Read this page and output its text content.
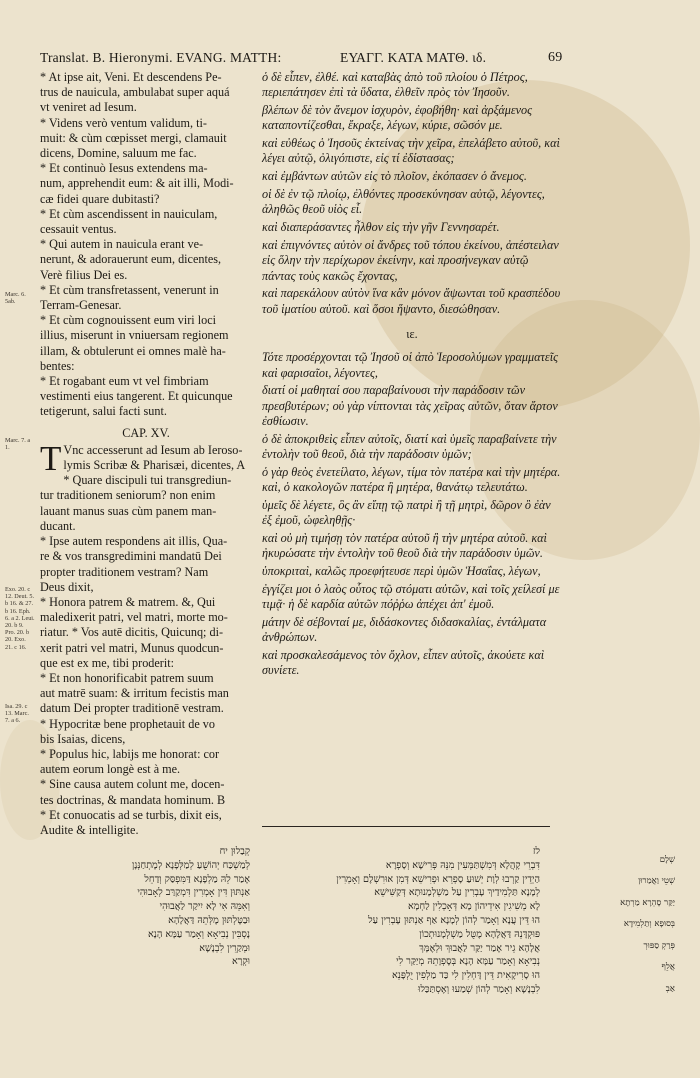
Translat. B. Hieronymi. EVANG. MATTH:	ΕΥΑΓΓ. ΚΑΤΑ ΜΑΤΘ. ιδ.	69

* At ipse ait, Veni. Et descendens Pe-

trus de nauicula, ambulabat super aquá

vt veniret ad Iesum.

* Videns verò ventum validum, ti-

muit: & cùm cœpisset mergi, clamauit

dicens, Domine, saluum me fac.

* Et continuò Iesus extendens ma-

num, apprehendit eum: & ait illi, Modi-

cæ fidei quare dubitasti?

* Et cùm ascendissent in nauiculam,

cessauit ventus.

* Qui autem in nauicula erant ve-

nerunt, & adorauerunt eum, dicentes,

Verè filius Dei es.

* Et cùm transfretassent, venerunt in

Terram-Genesar.

* Et cùm cognouissent eum viri loci

illius, miserunt in vniuersam regionem

illam, & obtulerunt ei omnes malè ha-

bentes:

* Et rogabant eum vt vel fimbriam

vestimenti eius tangerent. Et quicunque

tetigerunt, salui facti sunt.

CAP. XV.

T Vnc accesserunt ad Iesum ab Ieroso-

lymis Scribæ & Pharisæi, dicentes, A

* Quare discipuli tui transgrediun-

tur traditionem seniorum? non enim

lauant manus suas cùm panem man-

ducant.

* Ipse autem respondens ait illis, Qua-

re & vos transgredimini mandatū Dei

propter traditionem vestram? Nam

Deus dixit,

* Honora patrem & matrem. &, Qui

maledixerit patri, vel matri, morte mo-

riatur. * Vos autē dicitis, Quicunq; di-

xerit patri vel matri, Munus quodcun-

que est ex me, tibi proderit:

* Et non honorificabit patrem suum

aut matrē suam: & irritum fecistis man

datum Dei propter traditionē vestram.

* Hypocritæ bene prophetauit de vo

bis Isaias, dicens,

* Populus hic, labijs me honorat: cor

autem eorum longè est à me.

* Sine causa autem colunt me, docen-

tes doctrinas, & mandata hominum. B

* Et conuocatis ad se turbis, dixit eis,

Audite & intelligite.

Marc. 6. 5ab.
Marc. 7. a 1.
Exo. 20. c 12. Deut. 5. b 16. & 27. b 16. Eph. 6. a 2. Leui. 20. b 9. Pro. 20. b 20. Exo. 21. c 16.
Isa. 29. c 13. Marc. 7. a 6.

ὁ δὲ εἶπεν, ἐλθέ. καὶ καταβὰς ἀπὸ τοῦ πλοίου ὁ Πέτρος, περιεπάτησεν ἐπὶ τὰ ὕδατα, ἐλθεῖν πρὸς τὸν Ἰησοῦν.

βλέπων δὲ τὸν ἄνεμον ἰσχυρὸν, ἐφοβήθη· καὶ ἀρξάμενος καταποντίζεσθαι, ἔκραξε, λέγων, κύριε, σῶσόν με.

καὶ εὐθέως ὁ Ἰησοῦς ἐκτείνας τὴν χεῖρα, ἐπελάβετο αὐτοῦ, καὶ λέγει αὐτῷ, ὀλιγόπιστε, εἰς τί ἐδίστασας;

καὶ ἐμβάντων αὐτῶν εἰς τὸ πλοῖον, ἐκόπασεν ὁ ἄνεμος.

οἱ δὲ ἐν τῷ πλοίῳ, ἐλθόντες προσεκύνησαν αὐτῷ, λέγοντες, ἀληθῶς θεοῦ υἱὸς εἶ.

καὶ διαπεράσαντες ἦλθον εἰς τὴν γῆν Γεννησαρέτ.

καὶ ἐπιγνόντες αὐτὸν οἱ ἄνδρες τοῦ τόπου ἐκείνου, ἀπέστειλαν εἰς ὅλην τὴν περίχωρον ἐκείνην, καὶ προσήνεγκαν αὐτῷ πάντας τοὺς κακῶς ἔχοντας,

καὶ παρεκάλουν αὐτὸν ἵνα κἂν μόνον ἅψωνται τοῦ κρασπέδου τοῦ ἱματίου αὐτοῦ. καὶ ὅσοι ἥψαντο, διεσώθησαν.

ιε.

Τότε προσέρχονται τῷ Ἰησοῦ οἱ ἀπὸ Ἱεροσολύμων γραμματεῖς καὶ φαρισαῖοι, λέγοντες,

διατί οἱ μαθηταί σου παραβαίνουσι τὴν παράδοσιν τῶν πρεσβυτέρων; οὐ γὰρ νίπτονται τὰς χεῖρας αὐτῶν, ὅταν ἄρτον ἐσθίωσιν.

ὁ δὲ ἀποκριθεὶς εἶπεν αὐτοῖς, διατί καὶ ὑμεῖς παραβαίνετε τὴν ἐντολὴν τοῦ θεοῦ, διὰ τὴν παράδοσιν ὑμῶν;

ὁ γὰρ θεὸς ἐνετείλατο, λέγων, τίμα τὸν πατέρα καὶ τὴν μητέρα. καὶ, ὁ κακολογῶν πατέρα ἢ μητέρα, θανάτῳ τελευτάτω.

ὑμεῖς δὲ λέγετε, ὃς ἂν εἴπῃ τῷ πατρὶ ἢ τῇ μητρὶ, δῶρον ὃ ἐὰν ἐξ ἐμοῦ, ὠφεληθῇς·

καὶ οὐ μὴ τιμήσῃ τὸν πατέρα αὐτοῦ ἢ τὴν μητέρα αὐτοῦ. καὶ ἠκυρώσατε τὴν ἐντολὴν τοῦ θεοῦ διὰ τὴν παράδοσιν ὑμῶν.

ὑποκριταὶ, καλῶς προεφήτευσε περὶ ὑμῶν Ἡσαΐας, λέγων,

ἐγγίζει μοι ὁ λαὸς οὗτος τῷ στόματι αὐτῶν, καὶ τοῖς χείλεσί με τιμᾷ· ἡ δὲ καρδία αὐτῶν πόῤῥω ἀπέχει ἀπ' ἐμοῦ.

μάτην δὲ σέβονταί με, διδάσκοντες διδασκαλίας, ἐντάλματα ἀνθρώπων.

καὶ προσκαλεσάμενος τὸν ὄχλον, εἶπεν αὐτοῖς, ἀκούετε καὶ συνίετε.

קְבַלוּן יח

לְמַשְׁכַּח יְהוֹשֻׁעַ לְמַלְּפָנָא לְמֶתְחַנְּנָן

אֶמַר לֵהּ מַלְפָנָא דַּמִּפְסַּק וְדַחֵל

אַנְתּוּן דִּין אָמְרִין דִּמְקַרַּב לְאָבוּהִי

וְאִמֵּהּ אִי לָא יִיקַר לַאֲבוּהִי

וּבַטֶּלְתּוּן מֶלְּתֵהּ דַּאֲלָהָא

נָסְבִּין נְבִיאָא וְאָמַר עַמָּא הָנָא

וּמְקַרֵין לִבְנָשָׁא

וּקְרָא

לז

דִּבְרֵי קָהֲלָא דְּמִשְׁתַּמְּעִין מִנֵּהּ פְּרִישָׁא וְסָפְרָא

הַיְדֵין קַרְבוּ לְוָת יְשׁוּעַ סָפְרֵא וּפְרִישֵׁא דְּמִן אוּרִשְׁלֶם וְאָמְרִין

לְמָנָא תַּלְמִידַיךְ עָבְרִין עַל מַשְׁלְמָנוּתָא דְּקַשִּׁישֵׁא

לָא מְשִׁיגִין אִידֵיהוֹן מָא דְּאָכְלִין לַחְמָא

הוּ דֵּין עֲנָא וְאָמַר לְהוֹן לְמָנָא אַף אַנְתּוּן עָבְרִין עַל

פּוּקְדָּנֵהּ דַּאֲלָהָא מֶטֻּל מַשְׁלְמָנוּתְכוֹן

אֲלָהָא גֵיר אֶמַר יַקַּר לַאֲבוּךְ וּלְאֶמָּךְ

נְבִיאָא וְאָמַר עַמָּא הָנָא בְּסֶפְוָתֵהּ מְיַקַּר לִי

הוּ סָרִיקָאִית דֵּין דָּחְלִין לִי כַּד מַלְפִין יֻלְפָּנֵא

לִבְנָשָׁא וְאָמַר לְהוֹן שְׁמַעוּ וְאֶסְתַּכַּלוּ

שְׁלָם

שְׁטֵי וַאֲמַרוּן

יַקַּר סָהְרָא מַרְתָא

בְּסוּפָא וְתַלְמִידָא

פְּרַקְ סַפּוּרְ

אֲלֵף

אַבְ
